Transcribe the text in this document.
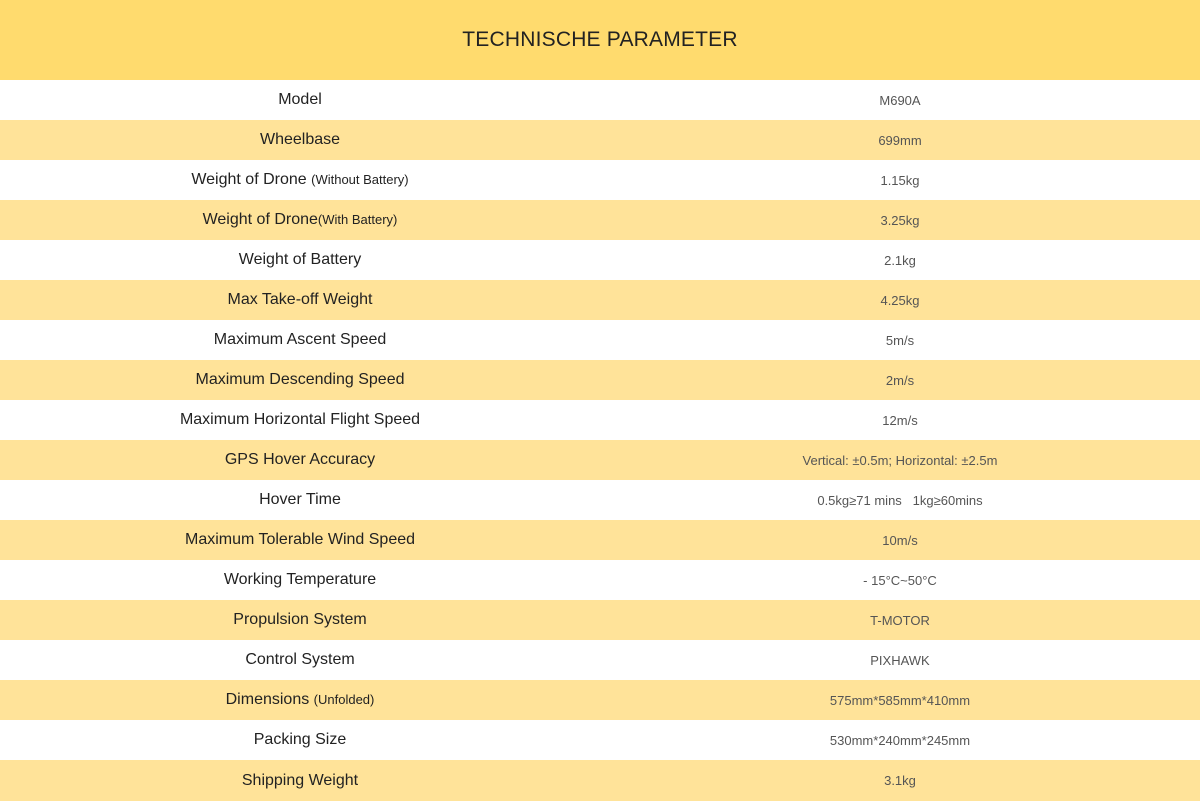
TECHNISCHE PARAMETER
Model	M690A
Wheelbase	699mm
Weight of Drone (Without Battery)	1.15kg
Weight of Drone(With Battery)	3.25kg
Weight of Battery	2.1kg
Max Take-off Weight	4.25kg
Maximum Ascent Speed	5m/s
Maximum Descending Speed	2m/s
Maximum Horizontal Flight Speed	12m/s
GPS Hover Accuracy	Vertical: ±0.5m; Horizontal: ±2.5m
Hover Time	0.5kg≥71 mins   1kg≥60mins
Maximum Tolerable Wind Speed	10m/s
Working Temperature	- 15°C~50°C
Propulsion System	T-MOTOR
Control System	PIXHAWK
Dimensions (Unfolded)	575mm*585mm*410mm
Packing Size	530mm*240mm*245mm
Shipping Weight	3.1kg
